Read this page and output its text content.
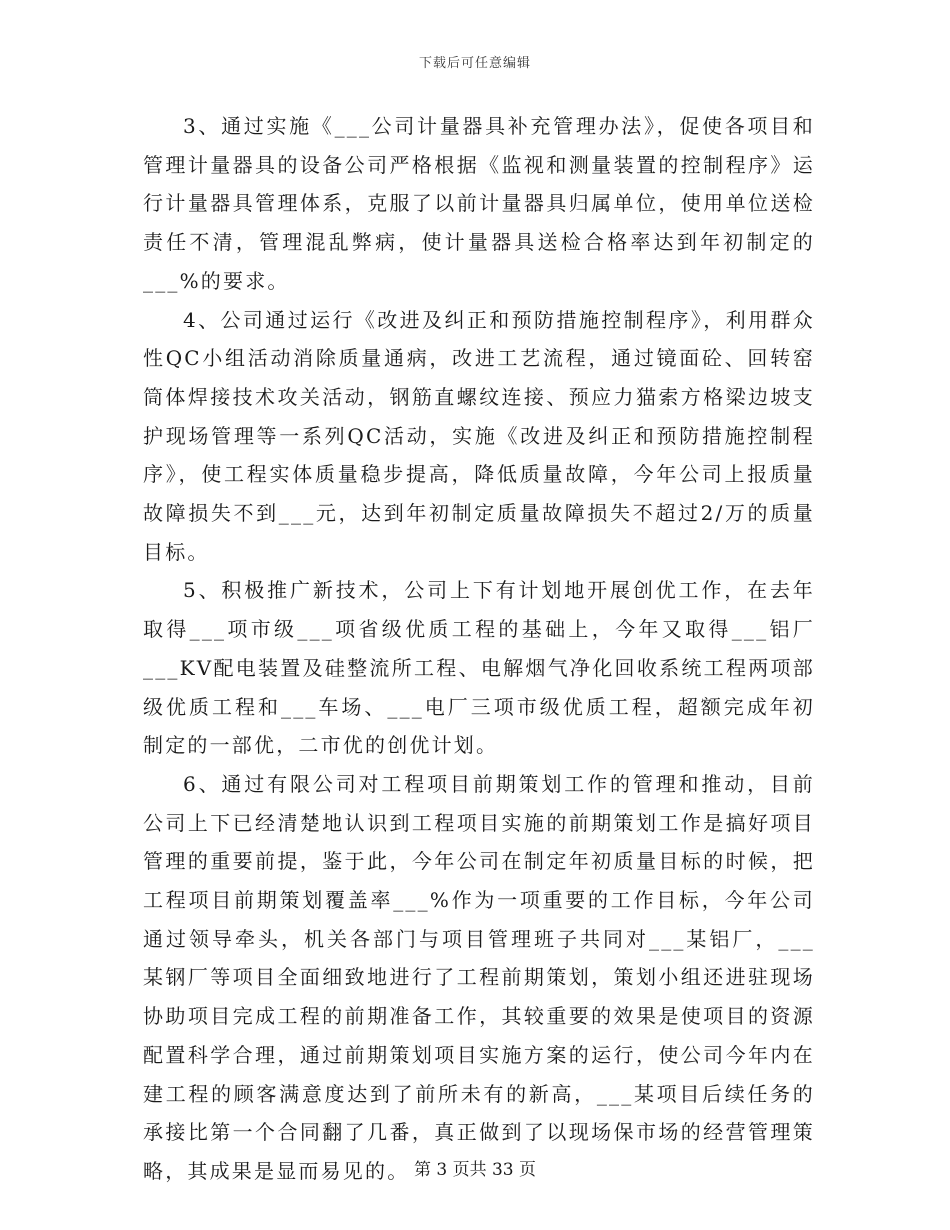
下载后可任意编辑

3、通过实施《___公司计量器具补充管理办法》，促使各项目和管理计量器具的设备公司严格根据《监视和测量装置的控制程序》运行计量器具管理体系，克服了以前计量器具归属单位，使用单位送检责任不清，管理混乱弊病，使计量器具送检合格率达到年初制定的___%的要求。

4、公司通过运行《改进及纠正和预防措施控制程序》，利用群众性QC小组活动消除质量通病，改进工艺流程，通过镜面砼、回转窑筒体焊接技术攻关活动，钢筋直螺纹连接、预应力猫索方格梁边坡支护现场管理等一系列QC活动，实施《改进及纠正和预防措施控制程序》，使工程实体质量稳步提高，降低质量故障，今年公司上报质量故障损失不到___元，达到年初制定质量故障损失不超过2/万的质量目标。

5、积极推广新技术，公司上下有计划地开展创优工作，在去年取得___项市级___项省级优质工程的基础上，今年又取得___铝厂___KV配电装置及硅整流所工程、电解烟气净化回收系统工程两项部级优质工程和___车场、___电厂三项市级优质工程，超额完成年初制定的一部优，二市优的创优计划。

6、通过有限公司对工程项目前期策划工作的管理和推动，目前公司上下已经清楚地认识到工程项目实施的前期策划工作是搞好项目管理的重要前提，鉴于此，今年公司在制定年初质量目标的时候，把工程项目前期策划覆盖率___%作为一项重要的工作目标，今年公司通过领导牵头，机关各部门与项目管理班子共同对___某铝厂，___某钢厂等项目全面细致地进行了工程前期策划，策划小组还进驻现场协助项目完成工程的前期准备工作，其较重要的效果是使项目的资源配置科学合理，通过前期策划项目实施方案的运行，使公司今年内在建工程的顾客满意度达到了前所未有的新高，___某项目后续任务的承接比第一个合同翻了几番，真正做到了以现场保市场的经营管理策略，其成果是显而易见的。 第 3 页共 33 页
